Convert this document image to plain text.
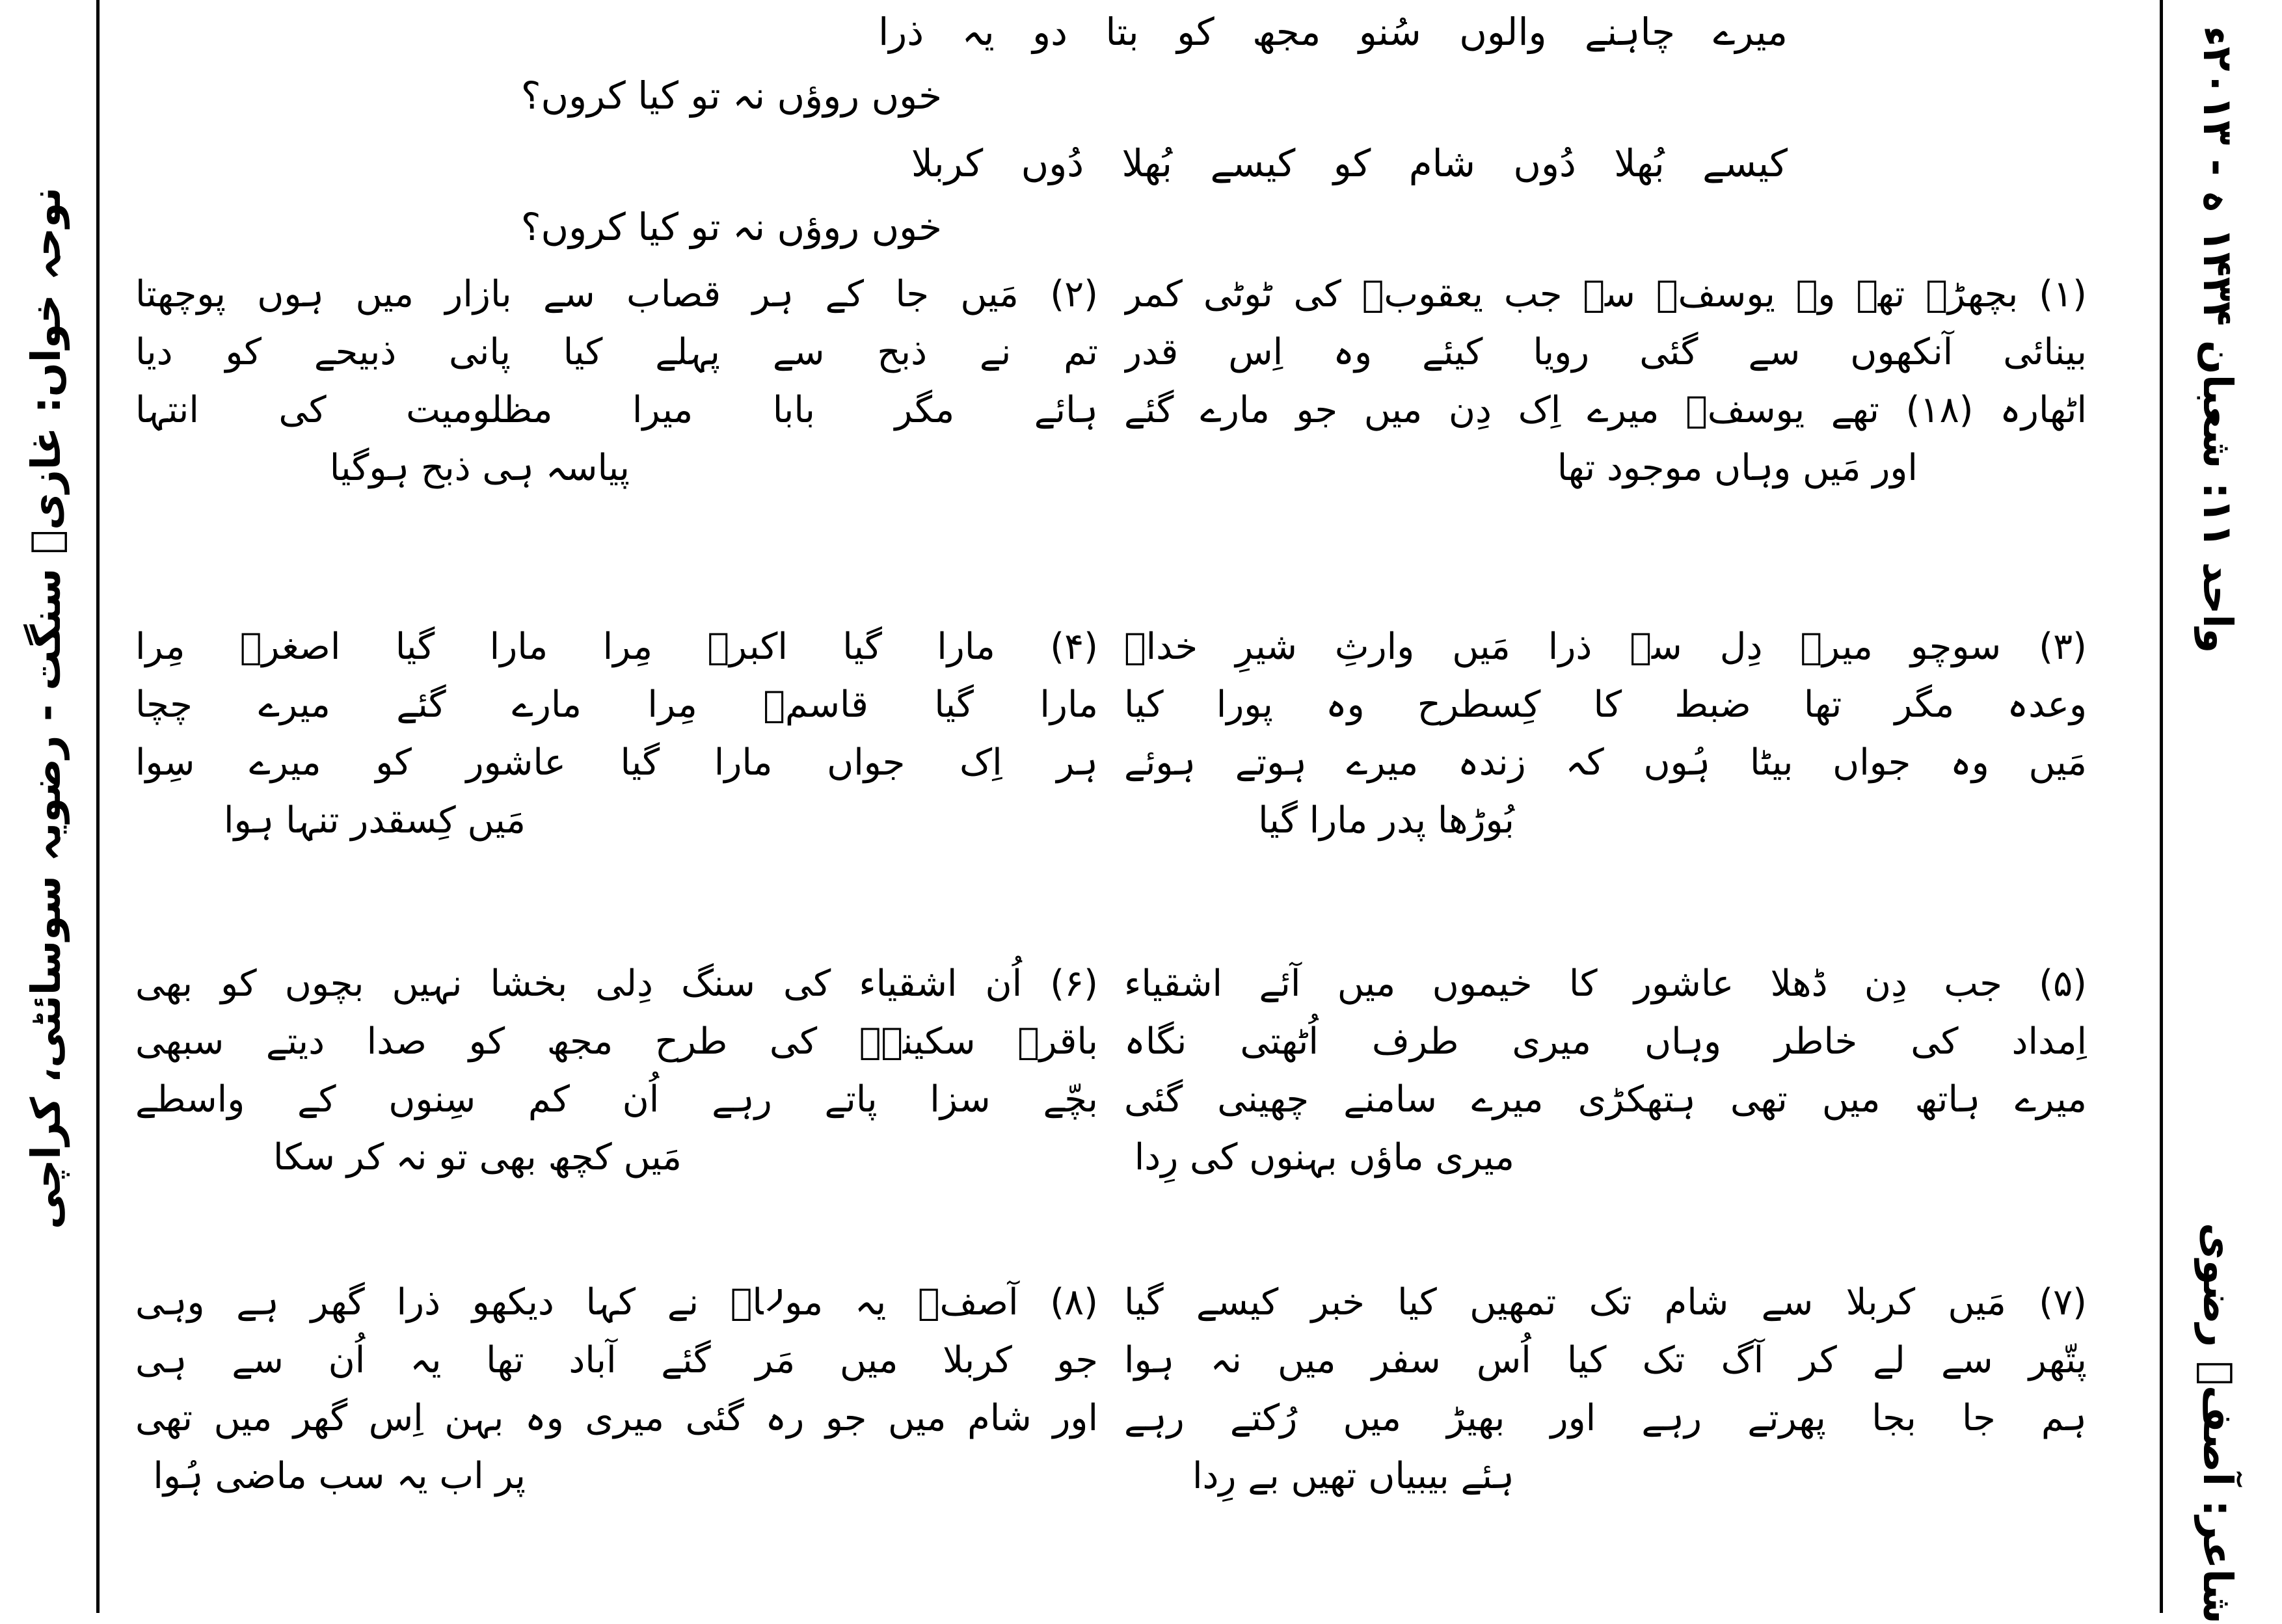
واحد ۱۱: شعبان ۱۴۳۴ ہ - ۲۰۱۳ء
شاعر: آصفؔ رضوی
نوحہ خواں: غازیؔ سنگت - رضویہ سوسائٹی، کراچی
میرے چاہنے والوں سُنو مجھ کو بتا دو یہ ذرا
خوں روؤں نہ تو کیا کروں؟
کیسے بُھلا دُوں شام کو کیسے بُھلا دُوں کربلا
خوں روؤں نہ تو کیا کروں؟
(۱) بچھڑے تھے وہ یوسفؑ سے جب یعقوبؑ کی ٹوٹی کمر
بینائی آنکھوں سے گئی رویا کیئے وہ اِس قدر
اٹھارہ (۱۸) تھے یوسفؑ میرے اِک دِن میں جو مارے گئے
اور مَیں وہاں موجود تھا
(۲) مَیں جا کے ہر قصاب سے بازار میں ہوں پوچھتا
تم نے ذبح سے پہلے کیا پانی ذبیحے کو دیا
ہائے مگر بابا میرا مظلومیت کی انتہا
پیاسہ ہی ذبح ہوگیا
(۳) سوچو میرے دِل سے ذرا مَیں وارثِ شیرِ خداؑ
وعدہ مگر تھا ضبط کا کِسطرح وہ پورا کیا
مَیں وہ جواں بیٹا ہُوں کہ زندہ میرے ہوتے ہوئے
بُوڑھا پدر مارا گیا
(۴) مارا گیا اکبرؑ مِرا مارا گیا اصغرؑ مِرا
مارا گیا قاسمؑ مِرا مارے گئے میرے چچا
ہر اِک جواں مارا گیا عاشور کو میرے سِوا
مَیں کِسقدر تنہا ہوا
(۵) جب دِن ڈھلا عاشور کا خیموں میں آئے اشقیاء
اِمداد کی خاطر وہاں میری طرف اُٹھتی نگاہ
میرے ہاتھ میں تھی ہتھکڑی میرے سامنے چھینی گئی
میری ماؤں بہنوں کی رِدا
(۶) اُن اشقیاء کی سنگ دِلی بخشا نہیں بچوں کو بھی
باقرؑ سکینہؑ کی طرح مجھ کو صدا دیتے سبھی
بچّے سزا پاتے رہے اُن کم سِنوں کے واسطے
مَیں کچھ بھی تو نہ کر سکا
(۷) مَیں کربلا سے شام تک تمھیں کیا خبر کیسے گیا
پتّھر سے لے کر آگ تک کیا اُس سفر میں نہ ہوا
ہم جا بجا پھرتے رہے اور بھیڑ میں رُکتے رہے
ہئے بیبیاں تھیں بے رِدا
(۸) آصفؔ یہ مولاؑ نے کہا دیکھو ذرا گھر ہے وہی
جو کربلا میں مَر گئے آباد تھا یہ اُن سے ہی
اور شام میں جو رہ گئی میری وہ بہن اِس گھر میں تھی
پر اب یہ سب ماضی ہُوا
